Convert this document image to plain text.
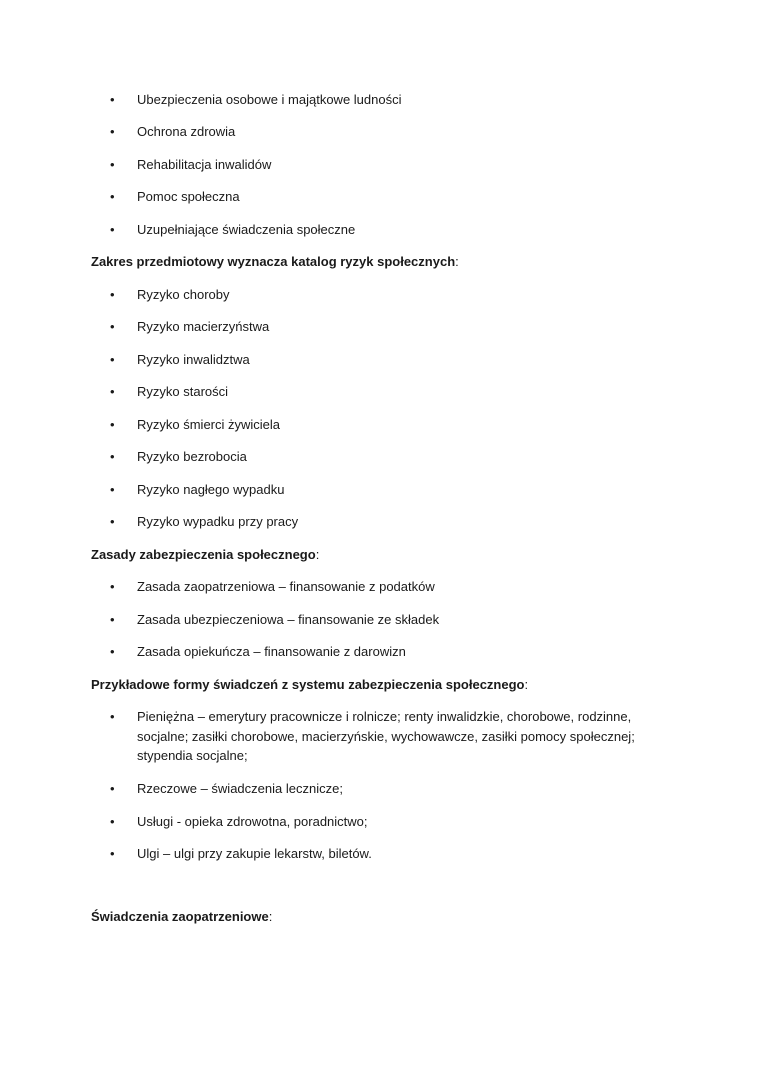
• Ubezpieczenia osobowe i majątkowe ludności
• Ochrona zdrowia
• Rehabilitacja inwalidów
• Pomoc społeczna
• Uzupełniające świadczenia społeczne
Zakres przedmiotowy wyznacza katalog ryzyk społecznych:
• Ryzyko choroby
• Ryzyko macierzyństwa
• Ryzyko inwalidztwa
• Ryzyko starości
• Ryzyko śmierci żywiciela
• Ryzyko bezrobocia
• Ryzyko nagłego wypadku
• Ryzyko wypadku przy pracy
Zasady zabezpieczenia społecznego:
• Zasada zaopatrzeniowa – finansowanie z podatków
• Zasada ubezpieczeniowa – finansowanie ze składek
• Zasada opiekuńcza – finansowanie z darowizn
Przykładowe formy świadczeń z systemu zabezpieczenia społecznego:
• Pieniężna – emerytury pracownicze i rolnicze; renty inwalidzkie, chorobowe, rodzinne, socjalne; zasiłki chorobowe, macierzyńskie, wychowawcze, zasiłki pomocy społecznej; stypendia socjalne;
• Rzeczowe – świadczenia lecznicze;
• Usługi - opieka zdrowotna, poradnictwo;
• Ulgi – ulgi przy zakupie lekarstw, biletów.
Świadczenia zaopatrzeniowe:
